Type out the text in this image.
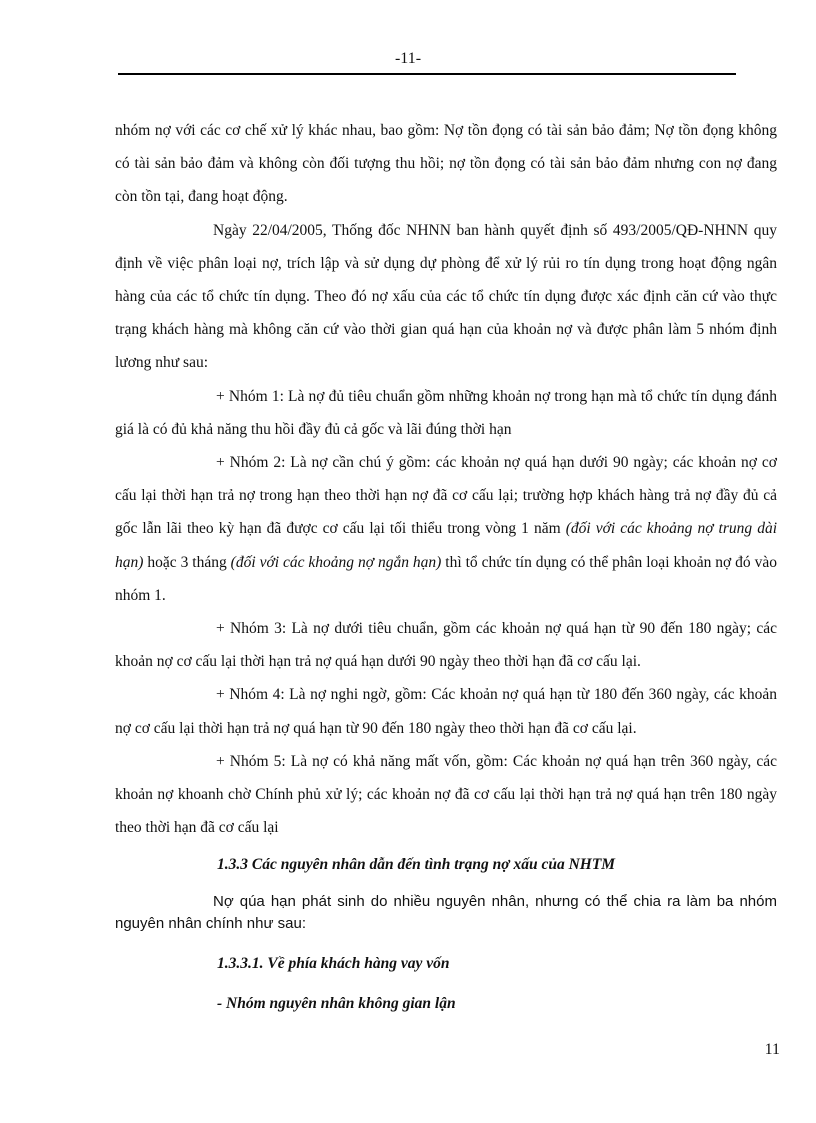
-11-

nhóm nợ với các cơ chế xử lý khác nhau, bao gồm: Nợ tồn đọng có tài sản bảo đảm; Nợ tồn đọng không có tài sản bảo đảm và không còn đối tượng thu hồi; nợ tồn đọng có tài sản bảo đảm nhưng con nợ đang còn tồn tại, đang hoạt động.

Ngày 22/04/2005, Thống đốc NHNN ban hành quyết định số 493/2005/QĐ-NHNN quy định về việc phân loại nợ, trích lập và sử dụng dự phòng để xử lý rủi ro tín dụng trong hoạt động ngân hàng của các tổ chức tín dụng. Theo đó nợ xấu của các tổ chức tín dụng được xác định căn cứ vào thực trạng khách hàng mà không căn cứ vào thời gian quá hạn của khoản nợ và được phân làm 5 nhóm định lương như sau:

+ Nhóm 1: Là nợ đủ tiêu chuẩn gồm những khoản nợ trong hạn mà tổ chức tín dụng đánh giá là có đủ khả năng thu hồi đầy đủ cả gốc và lãi đúng thời hạn

+ Nhóm 2: Là nợ cần chú ý gồm: các khoản nợ quá hạn dưới 90 ngày; các khoản nợ cơ cấu lại thời hạn trả nợ trong hạn theo thời hạn nợ đã cơ cấu lại; trường hợp khách hàng trả nợ đầy đủ cả gốc lẫn lãi theo kỳ hạn đã được cơ cấu lại tối thiểu trong vòng 1 năm (đối với các khoảng nợ trung dài hạn) hoặc 3 tháng (đối với các khoảng nợ ngắn hạn) thì tổ chức tín dụng có thể phân loại khoản nợ đó vào nhóm 1.

+ Nhóm 3: Là nợ dưới tiêu chuẩn, gồm các khoản nợ quá hạn từ 90 đến 180 ngày; các khoản nợ cơ cấu lại thời hạn trả nợ quá hạn dưới 90 ngày theo thời hạn đã cơ cấu lại.

+ Nhóm 4: Là nợ nghi ngờ, gồm: Các khoản nợ quá hạn từ 180 đến 360 ngày, các khoản nợ cơ cấu lại thời hạn trả nợ quá hạn từ 90 đến 180 ngày theo thời hạn đã cơ cấu lại.

+ Nhóm 5: Là nợ có khả năng mất vốn, gồm: Các khoản nợ quá hạn trên 360 ngày, các khoản nợ khoanh chờ Chính phủ xử lý; các khoản nợ đã cơ cấu lại thời hạn trả nợ quá hạn trên 180 ngày theo thời hạn đã cơ cấu lại

1.3.3 Các nguyên nhân dẫn đến tình trạng nợ xấu của NHTM

Nợ qúa hạn phát sinh do nhiều nguyên nhân, nhưng có thể chia ra làm ba nhóm nguyên nhân chính như sau:

1.3.3.1. Về phía khách hàng vay vốn

- Nhóm nguyên nhân không gian lận

11
